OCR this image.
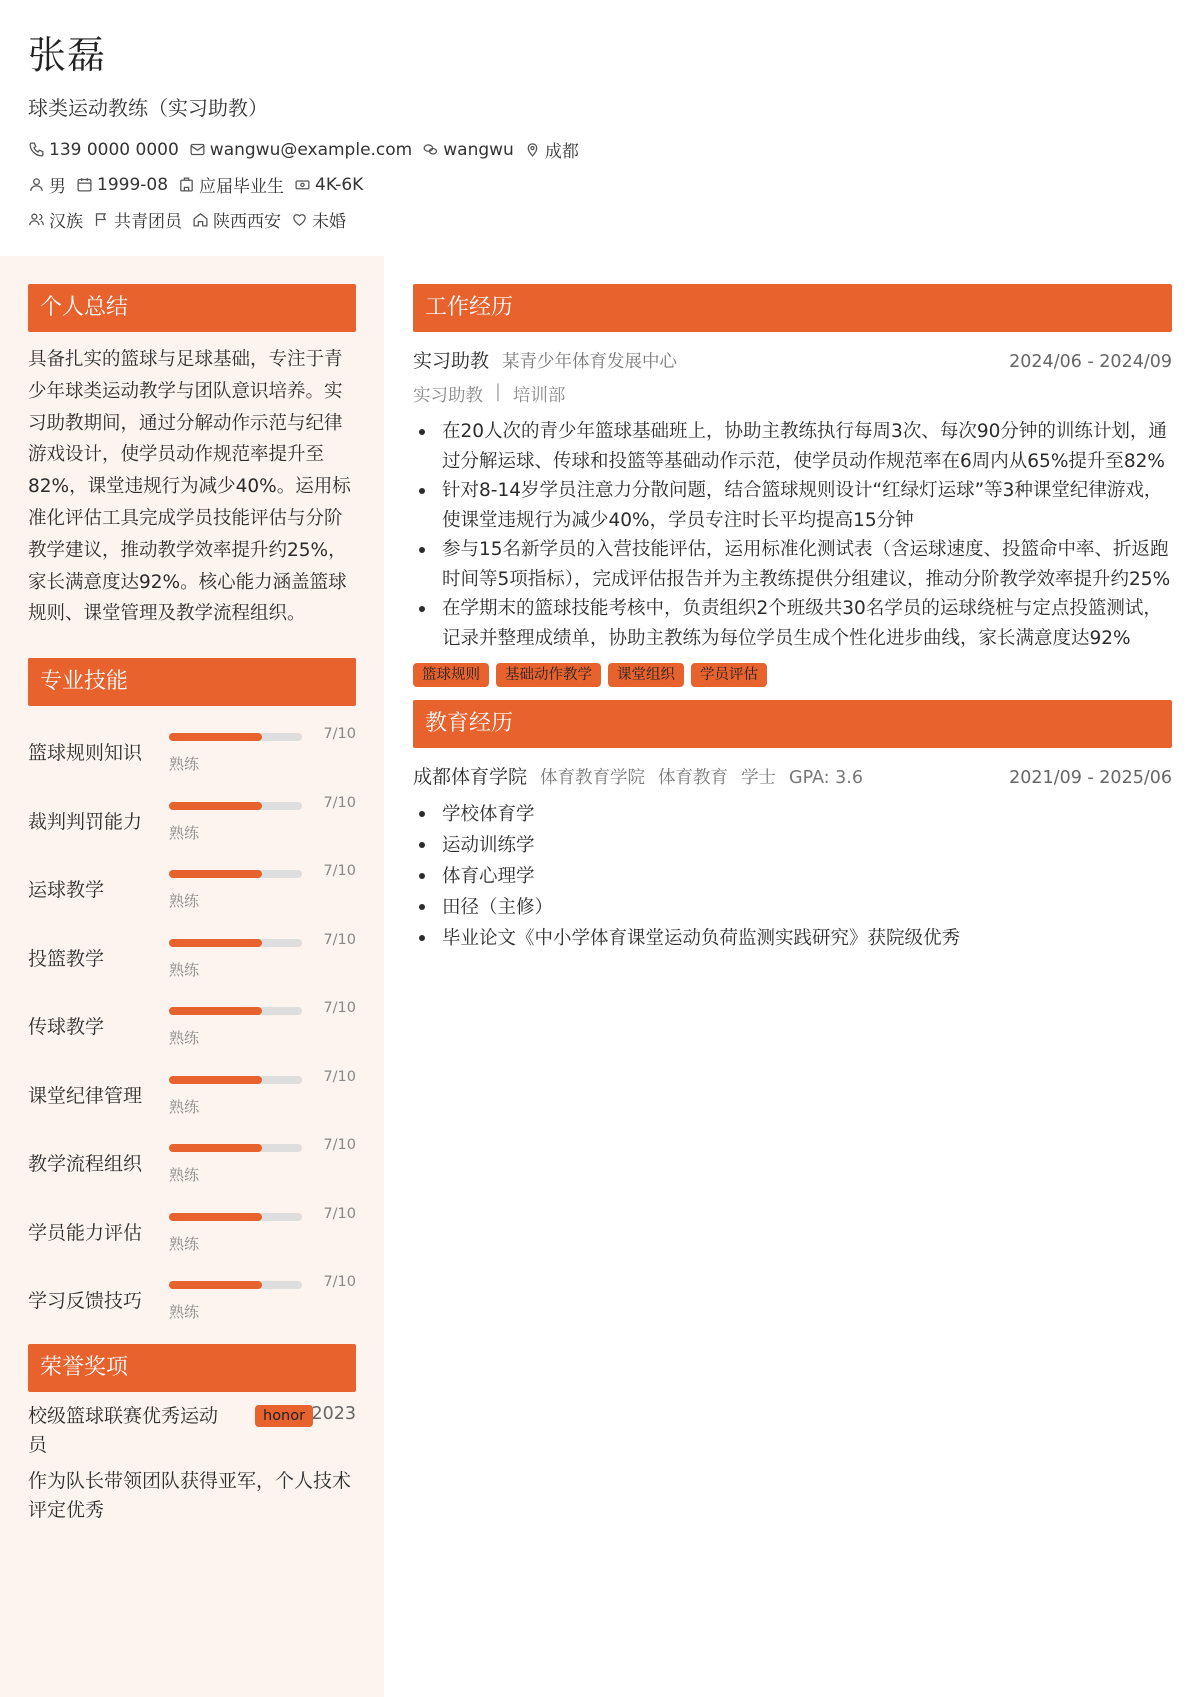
张磊
球类运动教练（实习助教）
139 0000 0000 wangwu@example.com wangwu 成都
男 1999-08 应届毕业生 4K-6K
汉族 共青团员 陕西西安 未婚
个人总结
具备扎实的篮球与足球基础，专注于青少年球类运动教学与团队意识培养。实习助教期间，通过分解动作示范与纪律游戏设计，使学员动作规范率提升至82%，课堂违规行为减少40%。运用标准化评估工具完成学员技能评估与分阶教学建议，推动教学效率提升约25%，家长满意度达92%。核心能力涵盖篮球规则、课堂管理及教学流程组织。
专业技能
篮球规则知识
7/10
熟练
裁判判罚能力
7/10
熟练
运球教学
7/10
熟练
投篮教学
7/10
熟练
传球教学
7/10
熟练
课堂纪律管理
7/10
熟练
教学流程组织
7/10
熟练
学员能力评估
7/10
熟练
学习反馈技巧
7/10
熟练
荣誉奖项
校级篮球联赛优秀运动员
honor 2023
作为队长带领团队获得亚军，个人技术评定优秀
工作经历
实习助教 某青少年体育发展中心	2024/06 - 2024/09
实习助教 | 培训部
在20人次的青少年篮球基础班上，协助主教练执行每周3次、每次90分钟的训练计划，通过分解运球、传球和投篮等基础动作示范，使学员动作规范率在6周内从65%提升至82%
针对8-14岁学员注意力分散问题，结合篮球规则设计“红绿灯运球”等3种课堂纪律游戏，使课堂违规行为减少40%，学员专注时长平均提高15分钟
参与15名新学员的入营技能评估，运用标准化测试表（含运球速度、投篮命中率、折返跑时间等5项指标），完成评估报告并为主教练提供分组建议，推动分阶教学效率提升约25%
在学期末的篮球技能考核中，负责组织2个班级共30名学员的运球绕桩与定点投篮测试，记录并整理成绩单，协助主教练为每位学员生成个性化进步曲线，家长满意度达92%
篮球规则	基础动作教学	课堂组织	学员评估
教育经历
成都体育学院 体育教育学院 体育教育 学士 GPA: 3.6	2021/09 - 2025/06
学校体育学
运动训练学
体育心理学
田径（主修）
毕业论文《中小学体育课堂运动负荷监测实践研究》获院级优秀
